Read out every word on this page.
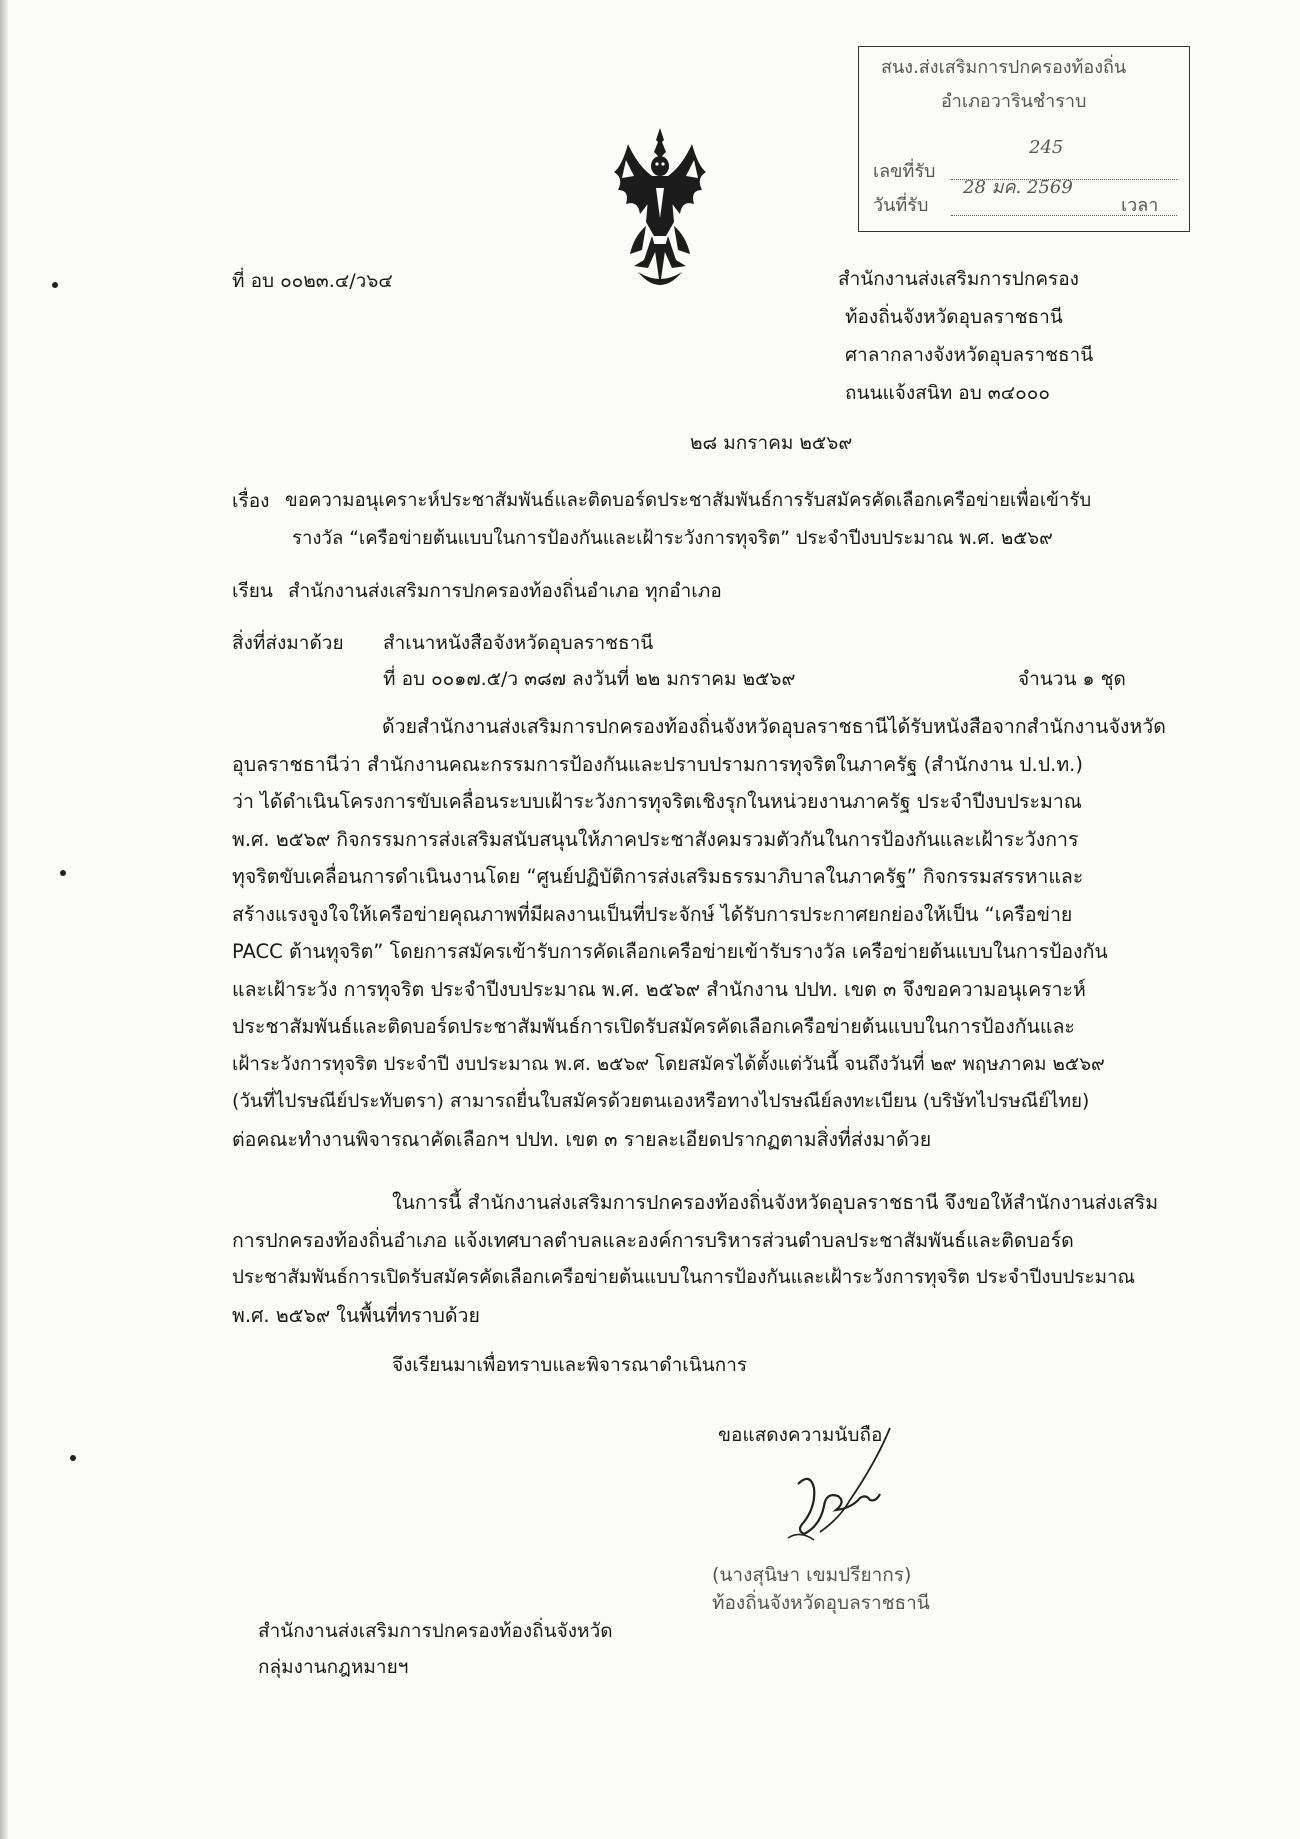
สนง.ส่งเสริมการปกครองท้องถิ่น
อำเภอวารินชำราบ
เลขที่รับ
245
วันที่รับ
28 มค. 2569
เวลา
ที่ อบ ๐๐๒๓.๔/ว๖๔	สำนักงานส่งเสริมการปกครอง
ท้องถิ่นจังหวัดอุบลราชธานี
ศาลากลางจังหวัดอุบลราชธานี
ถนนแจ้งสนิท อบ ๓๔๐๐๐
๒๘ มกราคม ๒๕๖๙
เรื่อง ขอความอนุเคราะห์ประชาสัมพันธ์และติดบอร์ดประชาสัมพันธ์การรับสมัครคัดเลือกเครือข่ายเพื่อเข้ารับ
รางวัล “เครือข่ายต้นแบบในการป้องกันและเฝ้าระวังการทุจริต” ประจำปีงบประมาณ พ.ศ. ๒๕๖๙
เรียน สำนักงานส่งเสริมการปกครองท้องถิ่นอำเภอ ทุกอำเภอ
สิ่งที่ส่งมาด้วย สำเนาหนังสือจังหวัดอุบลราชธานี
ที่ อบ ๐๐๑๗.๕/ว ๓๘๗ ลงวันที่ ๒๒ มกราคม ๒๕๖๙	จำนวน ๑ ชุด
ด้วยสำนักงานส่งเสริมการปกครองท้องถิ่นจังหวัดอุบลราชธานีได้รับหนังสือจากสำนักงานจังหวัด
อุบลราชธานีว่า สำนักงานคณะกรรมการป้องกันและปราบปรามการทุจริตในภาครัฐ (สำนักงาน ป.ป.ท.)
ว่า ได้ดำเนินโครงการขับเคลื่อนระบบเฝ้าระวังการทุจริตเชิงรุกในหน่วยงานภาครัฐ ประจำปีงบประมาณ
พ.ศ. ๒๕๖๙ กิจกรรมการส่งเสริมสนับสนุนให้ภาคประชาสังคมรวมตัวกันในการป้องกันและเฝ้าระวังการ
ทุจริตขับเคลื่อนการดำเนินงานโดย “ศูนย์ปฏิบัติการส่งเสริมธรรมาภิบาลในภาครัฐ” กิจกรรมสรรหาและ
สร้างแรงจูงใจให้เครือข่ายคุณภาพที่มีผลงานเป็นที่ประจักษ์ ได้รับการประกาศยกย่องให้เป็น “เครือข่าย
PACC ต้านทุจริต” โดยการสมัครเข้ารับการคัดเลือกเครือข่ายเข้ารับรางวัล เครือข่ายต้นแบบในการป้องกัน
และเฝ้าระวัง การทุจริต ประจำปีงบประมาณ พ.ศ. ๒๕๖๙ สำนักงาน ปปท. เขต ๓ จึงขอความอนุเคราะห์
ประชาสัมพันธ์และติดบอร์ดประชาสัมพันธ์การเปิดรับสมัครคัดเลือกเครือข่ายต้นแบบในการป้องกันและ
เฝ้าระวังการทุจริต ประจำปี งบประมาณ พ.ศ. ๒๕๖๙ โดยสมัครได้ตั้งแต่วันนี้ จนถึงวันที่ ๒๙ พฤษภาคม ๒๕๖๙
(วันที่ไปรษณีย์ประทับตรา) สามารถยื่นใบสมัครด้วยตนเองหรือทางไปรษณีย์ลงทะเบียน (บริษัทไปรษณีย์ไทย)
ต่อคณะทำงานพิจารณาคัดเลือกฯ ปปท. เขต ๓ รายละเอียดปรากฏตามสิ่งที่ส่งมาด้วย
ในการนี้ สำนักงานส่งเสริมการปกครองท้องถิ่นจังหวัดอุบลราชธานี จึงขอให้สำนักงานส่งเสริม
การปกครองท้องถิ่นอำเภอ แจ้งเทศบาลตำบลและองค์การบริหารส่วนตำบลประชาสัมพันธ์และติดบอร์ด
ประชาสัมพันธ์การเปิดรับสมัครคัดเลือกเครือข่ายต้นแบบในการป้องกันและเฝ้าระวังการทุจริต ประจำปีงบประมาณ
พ.ศ. ๒๕๖๙ ในพื้นที่ทราบด้วย
จึงเรียนมาเพื่อทราบและพิจารณาดำเนินการ
ขอแสดงความนับถือ
(นางสุนิษา เขมปรียากร)
ท้องถิ่นจังหวัดอุบลราชธานี
สำนักงานส่งเสริมการปกครองท้องถิ่นจังหวัด
กลุ่มงานกฎหมายฯ
